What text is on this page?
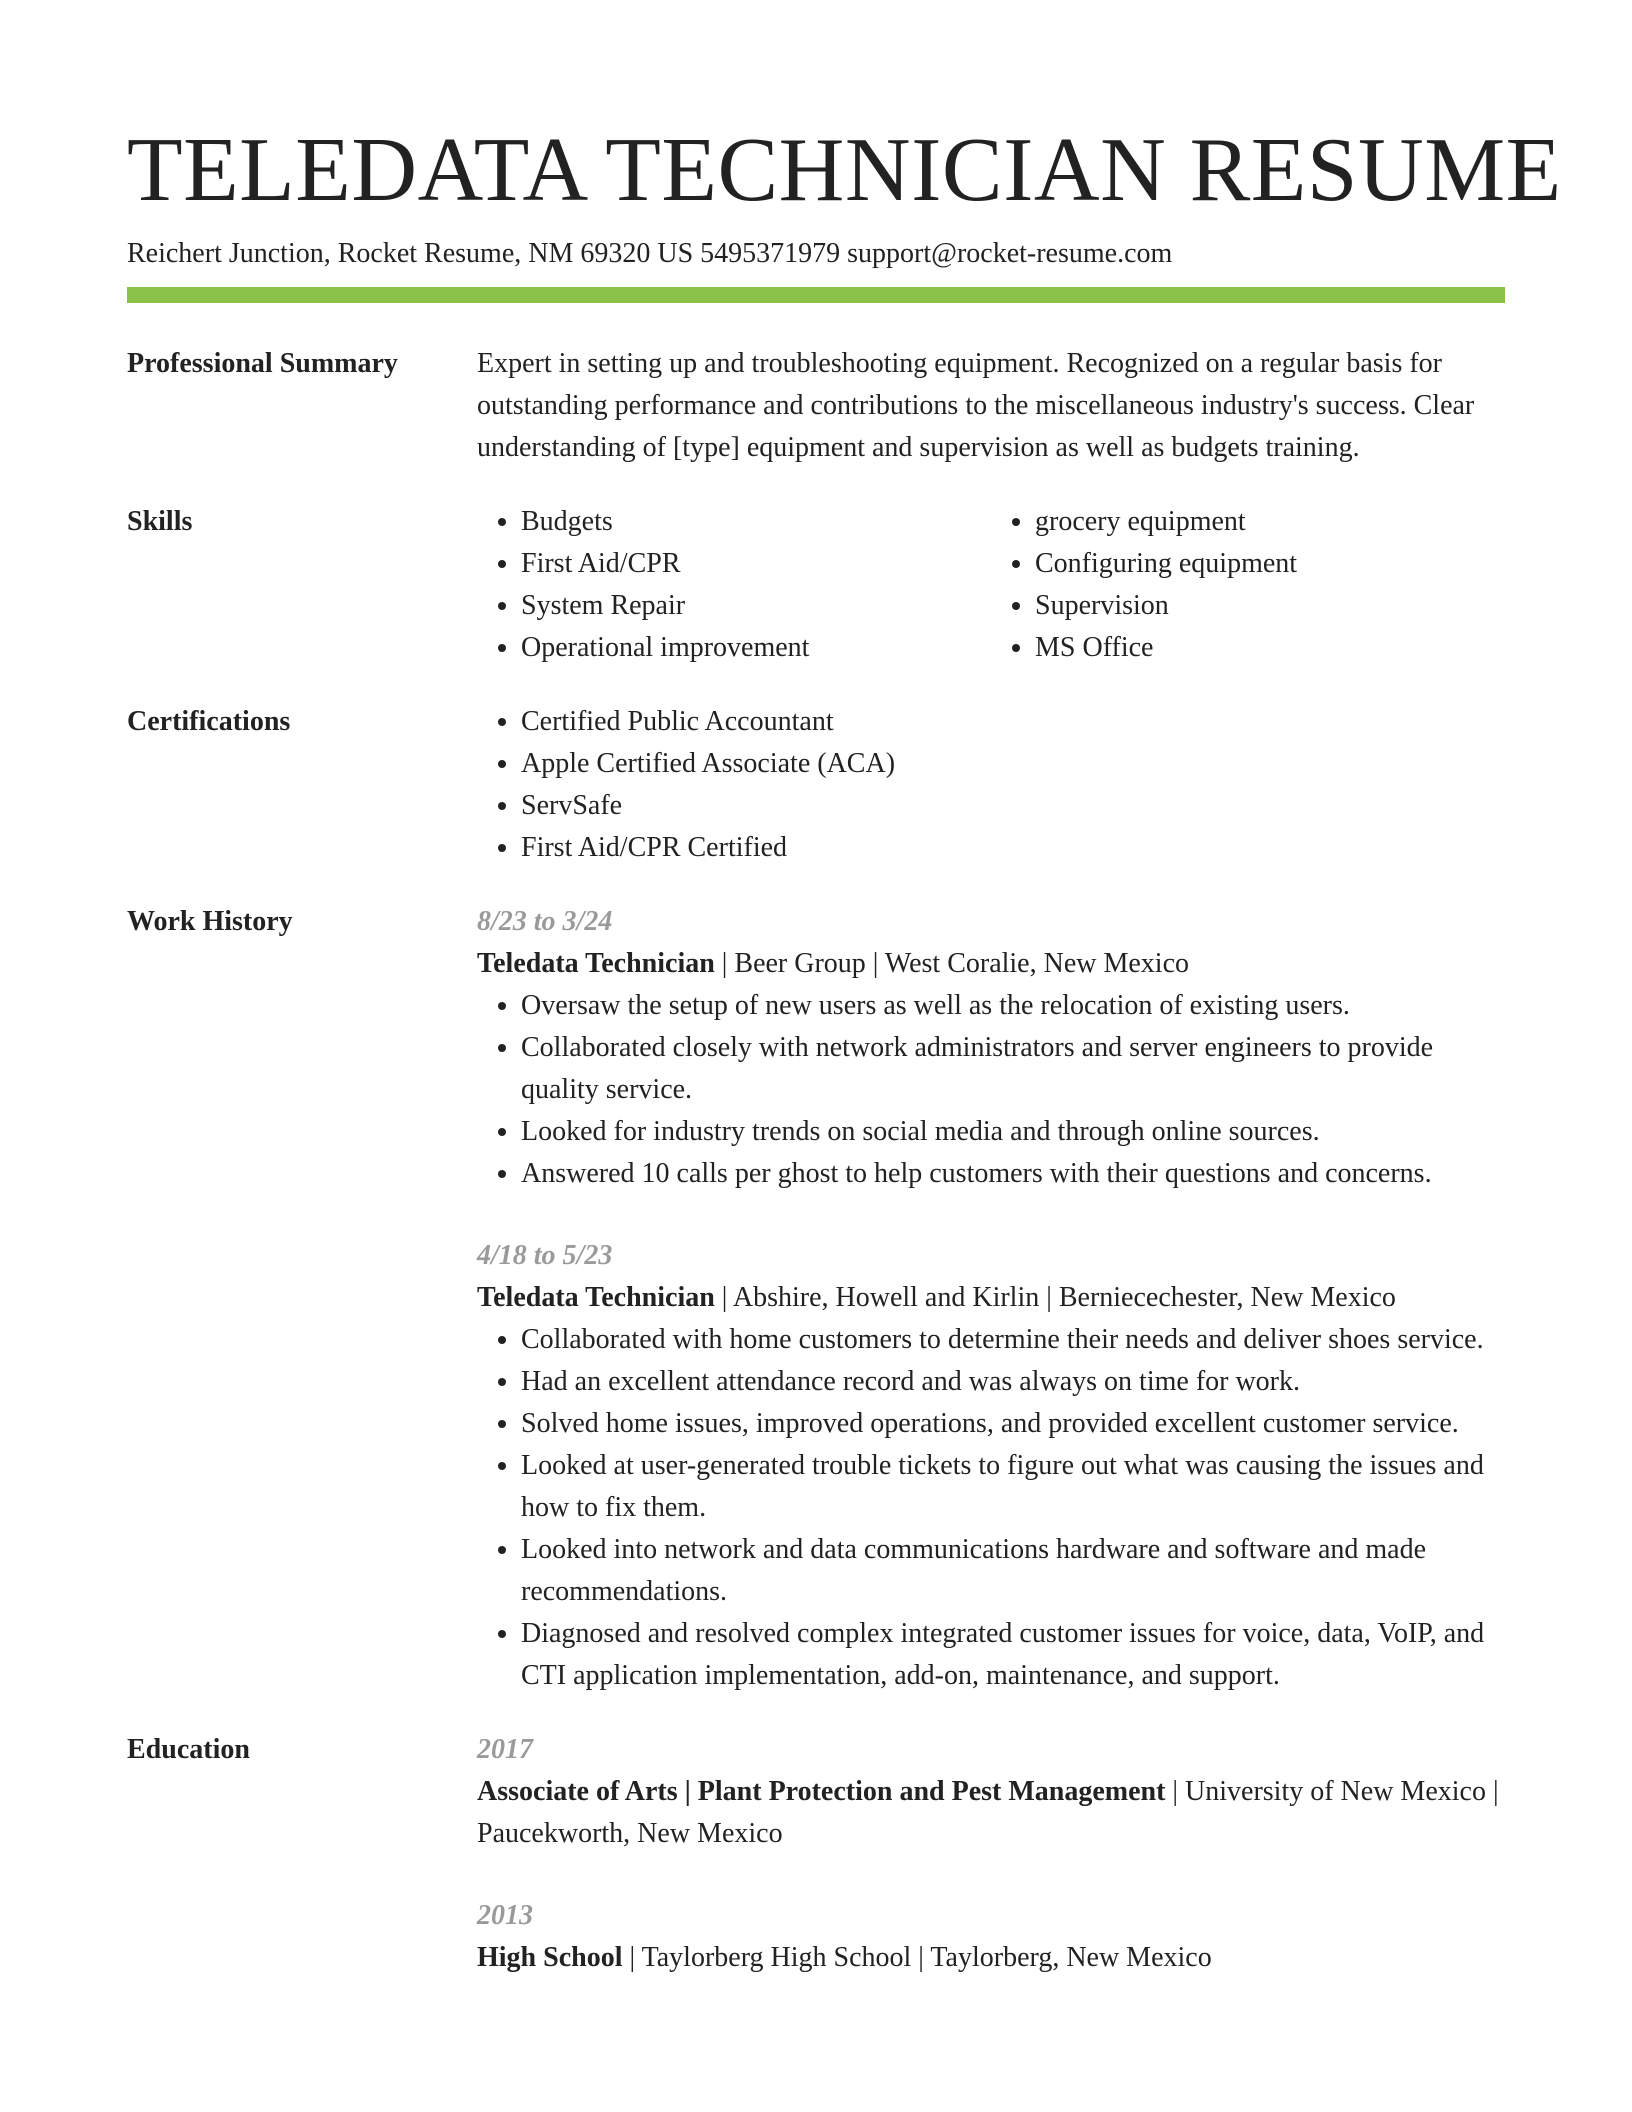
TELEDATA TECHNICIAN RESUME
Reichert Junction, Rocket Resume, NM 69320 US 5495371979 support@rocket-resume.com
Professional Summary	Expert in setting up and troubleshooting equipment. Recognized on a regular basis for outstanding performance and contributions to the miscellaneous industry's success. Clear understanding of [type] equipment and supervision as well as budgets training.

Skills	• Budgets
• First Aid/CPR
• System Repair
• Operational improvement
• grocery equipment
• Configuring equipment
• Supervision
• MS Office
Certifications	• Certified Public Accountant
• Apple Certified Associate (ACA)
• ServSafe
• First Aid/CPR Certified
Work History	8/23 to 3/24
Teledata Technician | Beer Group | West Coralie, New Mexico
• Oversaw the setup of new users as well as the relocation of existing users.
• Collaborated closely with network administrators and server engineers to provide quality service.
• Looked for industry trends on social media and through online sources.
• Answered 10 calls per ghost to help customers with their questions and concerns.
4/18 to 5/23
Teledata Technician | Abshire, Howell and Kirlin | Berniecechester, New Mexico
• Collaborated with home customers to determine their needs and deliver shoes service.
• Had an excellent attendance record and was always on time for work.
• Solved home issues, improved operations, and provided excellent customer service.
• Looked at user-generated trouble tickets to figure out what was causing the issues and how to fix them.
• Looked into network and data communications hardware and software and made recommendations.
• Diagnosed and resolved complex integrated customer issues for voice, data, VoIP, and CTI application implementation, add-on, maintenance, and support.
Education	2017
Associate of Arts | Plant Protection and Pest Management | University of New Mexico | Paucekworth, New Mexico
2013
High School | Taylorberg High School | Taylorberg, New Mexico
